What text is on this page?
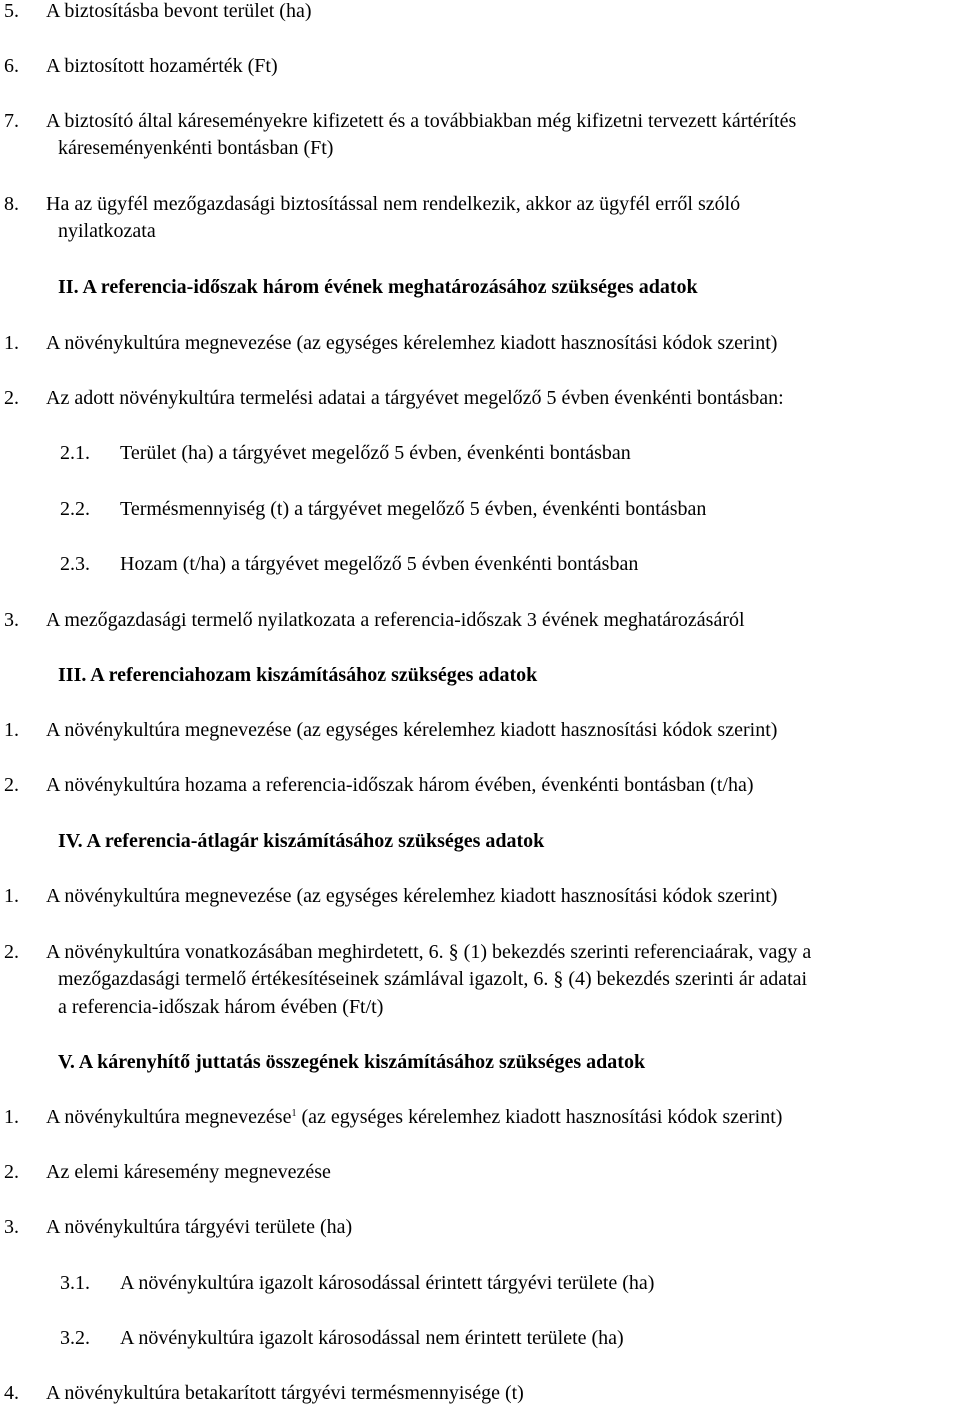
5. A biztosításba bevont terület (ha)
6. A biztosított hozamérték (Ft)
7. A biztosító által káreseményekre kifizetett és a továbbiakban még kifizetni tervezett kártérítés
káreseményenkénti bontásban (Ft)
8. Ha az ügyfél mezőgazdasági biztosítással nem rendelkezik, akkor az ügyfél erről szóló
nyilatkozata
II. A referencia-időszak három évének meghatározásához szükséges adatok
1. A növénykultúra megnevezése (az egységes kérelemhez kiadott hasznosítási kódok szerint)
2. Az adott növénykultúra termelési adatai a tárgyévet megelőző 5 évben évenkénti bontásban:
2.1. Terület (ha) a tárgyévet megelőző 5 évben, évenkénti bontásban
2.2. Termésmennyiség (t) a tárgyévet megelőző 5 évben, évenkénti bontásban
2.3. Hozam (t/ha) a tárgyévet megelőző 5 évben évenkénti bontásban
3. A mezőgazdasági termelő nyilatkozata a referencia-időszak 3 évének meghatározásáról
III. A referenciahozam kiszámításához szükséges adatok
1. A növénykultúra megnevezése (az egységes kérelemhez kiadott hasznosítási kódok szerint)
2. A növénykultúra hozama a referencia-időszak három évében, évenkénti bontásban (t/ha)
IV. A referencia-átlagár kiszámításához szükséges adatok
1. A növénykultúra megnevezése (az egységes kérelemhez kiadott hasznosítási kódok szerint)
2. A növénykultúra vonatkozásában meghirdetett, 6. § (1) bekezdés szerinti referenciaárak, vagy a
mezőgazdasági termelő értékesítéseinek számlával igazolt, 6. § (4) bekezdés szerinti ár adatai
a referencia-időszak három évében (Ft/t)
V. A kárenyhítő juttatás összegének kiszámításához szükséges adatok
1. A növénykultúra megnevezése$^1$ (az egységes kérelemhez kiadott hasznosítási kódok szerint)
2. Az elemi káresemény megnevezése
3. A növénykultúra tárgyévi területe (ha)
3.1. A növénykultúra igazolt károsodással érintett tárgyévi területe (ha)
3.2. A növénykultúra igazolt károsodással nem érintett területe (ha)
4. A növénykultúra betakarított tárgyévi termésmennyisége (t)
